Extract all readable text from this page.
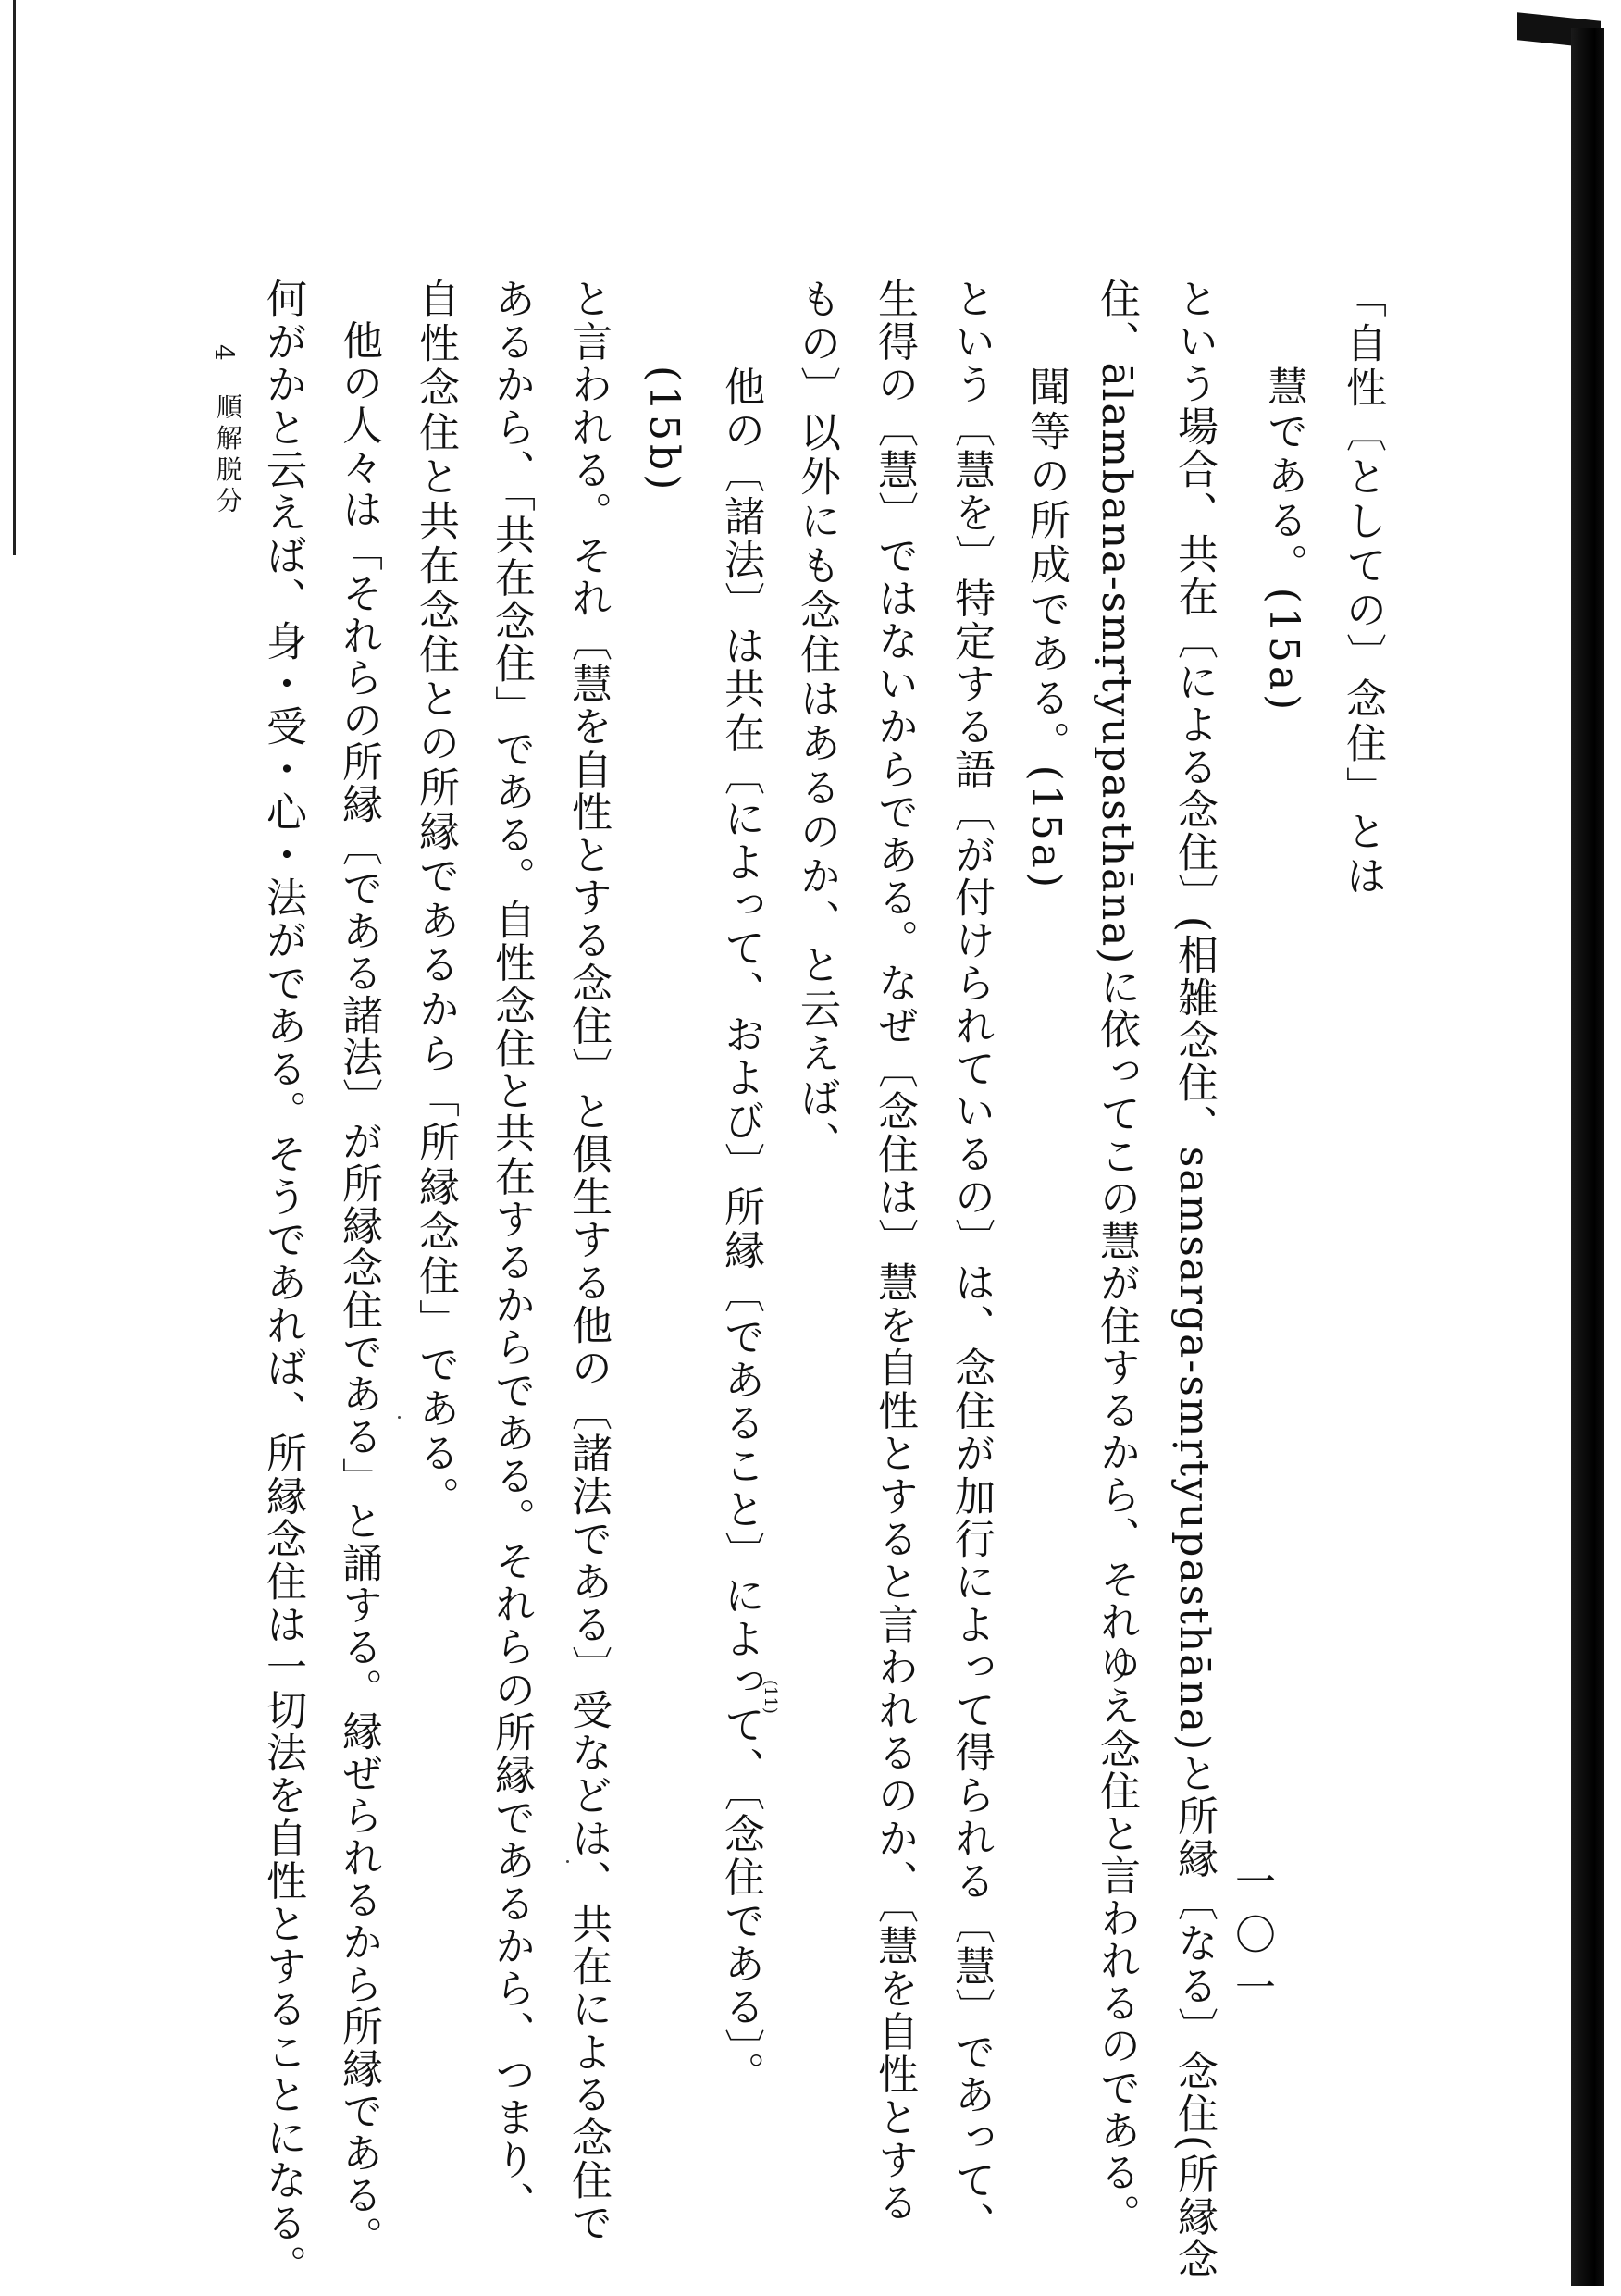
「自性〔としての〕念住」とは
慧である。(15a)
という場合、共在〔による念住〕(相雑念住、samsarga-smṛtyupasthāna)と所縁〔なる〕念住(所縁念
住、ālambana-smṛtyupasthāna)に依ってこの慧が住するから、それゆえ念住と言われるのである。
聞等の所成である。(15a)
という〔慧を〕特定する語〔が付けられているの〕は、念住が加行によって得られる〔慧〕であって、
生得の〔慧〕ではないからである。なぜ〔念住は〕慧を自性とすると言われるのか、〔慧を自性とする
もの〕以外にも念住はあるのか、と云えば、
他の〔諸法〕は共在〔によって、および〕所縁〔であること〕によって、〔念住である〕。
(15b)
と言われる。それ〔慧を自性とする念住〕と俱生する他の〔諸法である〕受などは、共在による念住で
あるから、「共在念住」である。自性念住と共在するからである。それらの所縁であるから、つまり、
自性念住と共在念住との所縁であるから「所縁念住」である。
他の人々は「それらの所縁〔である諸法〕が所縁念住である」と誦する。縁ぜられるから所縁である。
何がかと云えば、身・受・心・法がである。そうであれば、所縁念住は一切法を自性とすることになる。	(11)
4
順解脱分
一〇一
